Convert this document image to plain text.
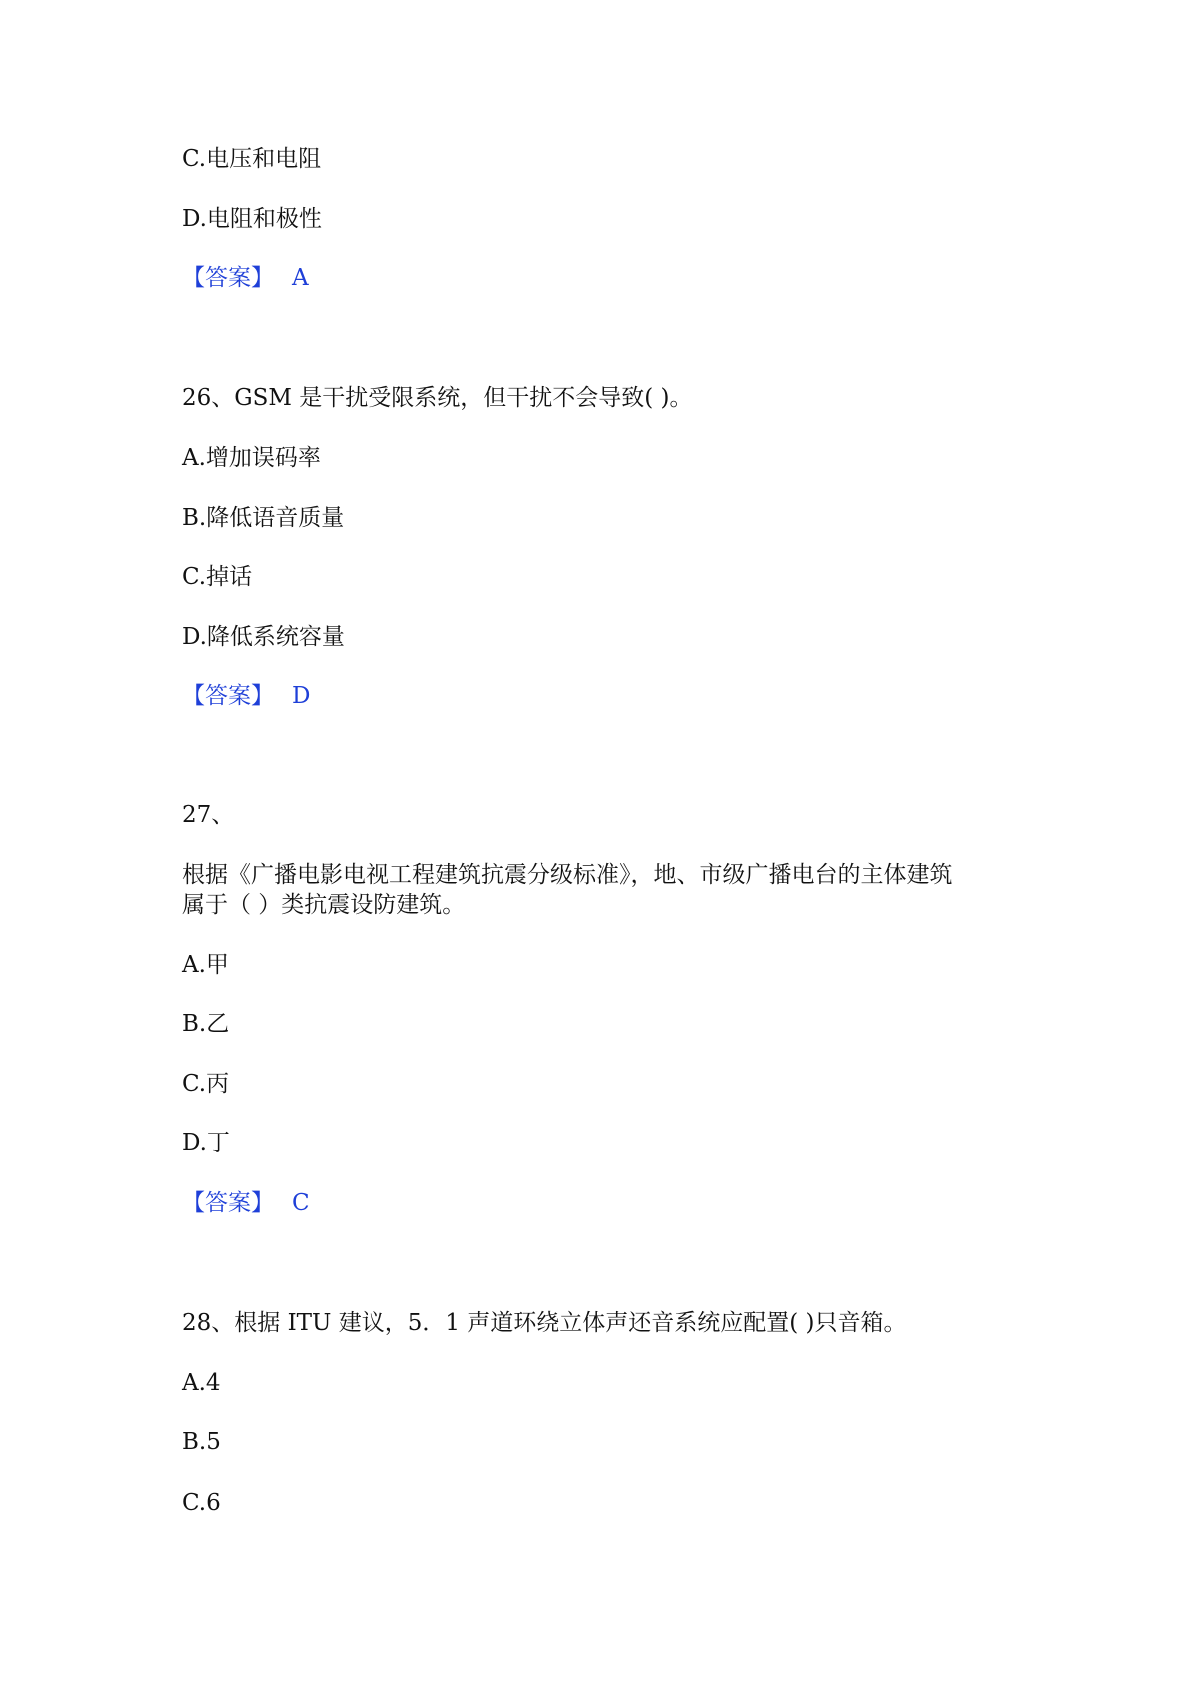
C.电压和电阻
D.电阻和极性
【答案】 A
26、GSM 是干扰受限系统，但干扰不会导致( )。
A.增加误码率
B.降低语音质量
C.掉话
D.降低系统容量
【答案】 D
27、
根据《广播电影电视工程建筑抗震分级标准》，地、市级广播电台的主体建筑
属于（ ）类抗震设防建筑。
A.甲
B.乙
C.丙
D.丁
【答案】 C
28、根据 ITU 建议，5．1 声道环绕立体声还音系统应配置( )只音箱。
A.4
B.5
C.6
